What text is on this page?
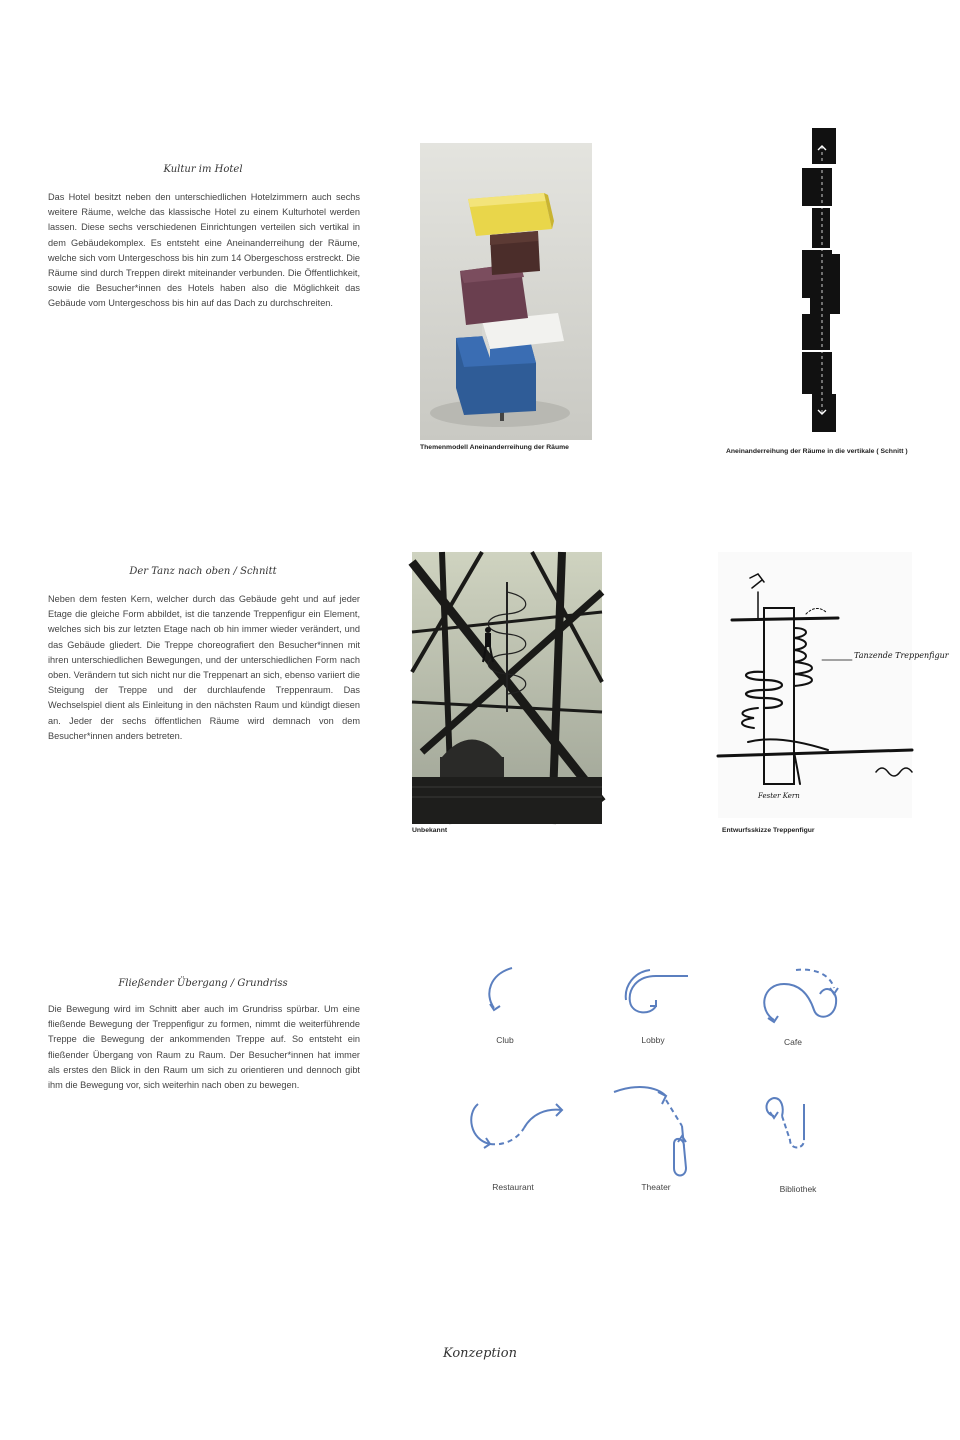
Kultur im Hotel

Das Hotel besitzt neben den unterschiedlichen Hotelzimmern auch sechs weitere Räume, welche das klassische Hotel zu einem Kulturhotel werden lassen. Diese sechs verschiedenen Einrichtungen verteilen sich vertikal in dem Gebäudekomplex. Es entsteht eine Aneinanderreihung der Räume, welche sich vom Untergeschoss bis hin zum 14 Obergeschoss erstreckt. Die Räume sind durch Treppen direkt miteinander verbunden. Die Öffentlichkeit, sowie die Besucher*innen des Hotels haben also die Möglichkeit das Gebäude vom Untergeschoss bis hin auf das Dach zu durchschreiten.

Themenmodell Aneinanderreihung der Räume
Aneinanderreihung der Räume in die vertikale ( Schnitt )
Der Tanz nach oben / Schnitt

Neben dem festen Kern, welcher durch das Gebäude geht und auf jeder Etage die gleiche Form abbildet, ist die tanzende Treppenfigur ein Element, welches sich bis zur letzten Etage nach ob hin immer wieder verändert, und das Gebäude gliedert. Die Treppe choreografiert den Besucher*innen mit ihren unterschiedlichen Bewegungen, und der unterschiedlichen Form nach oben. Verändern tut sich nicht nur die Treppenart an sich, ebenso variiert die Steigung der Treppe und der durchlaufende Treppenraum. Das Wechselspiel dient als Einleitung in den nächsten Raum und kündigt diesen an. Jeder der sechs öffentlichen Räume wird demnach von dem Besucher*innen anders betreten.

Unbekannt
Tanzende Treppenfigur
Fester Kern
Entwurfsskizze Treppenfigur
Fließender Übergang / Grundriss

Die Bewegung wird im Schnitt aber auch im Grundriss spürbar. Um eine fließende Bewegung der Treppenfigur zu formen, nimmt die weiterführende Treppe die Bewegung der ankommenden Treppe auf. So entsteht ein fließender Übergang von Raum zu Raum. Der Besucher*innen hat immer als erstes den Blick in den Raum um sich zu orientieren und dennoch gibt ihm die Bewegung vor, sich weiterhin nach oben zu bewegen.

Club	Lobby	Cafe
Restaurant	Theater	Bibliothek
Konzeption
